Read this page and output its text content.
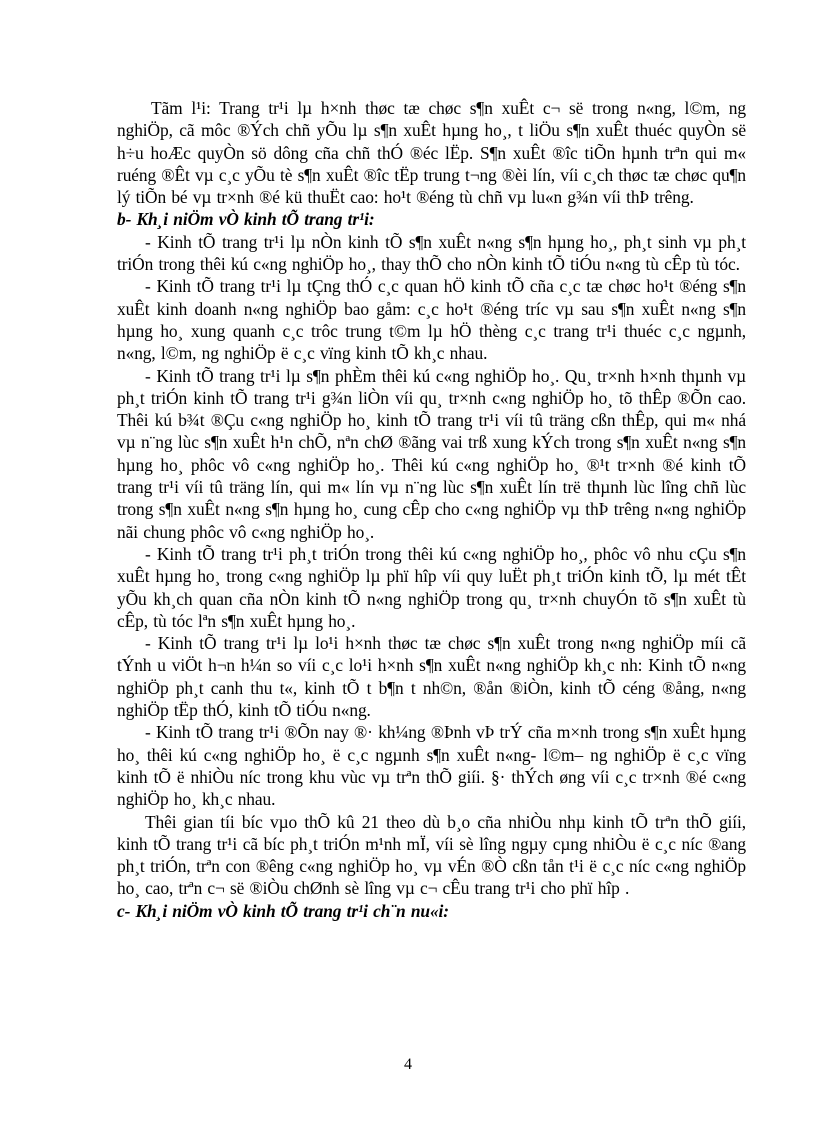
Tãm l¹i: Trang tr¹i lµ h×nh thøc tæ chøc s¶n xuÊt c¬ së trong n«ng, l©m, ng nghiÖp, cã môc ®Ých chñ yÕu lµ s¶n xuÊt hµng ho¸, t liÖu s¶n xuÊt thuéc quyÒn së h÷u hoÆc quyÒn sö dông cña chñ thÓ ®éc lËp. S¶n xuÊt ®îc tiÕn hµnh trªn qui m« ruéng ®Êt vµ c¸c yÕu tè s¶n xuÊt ®îc tËp trung t¬ng ®èi lín, víi c¸ch thøc tæ chøc qu¶n lý tiÕn bé vµ tr×nh ®é kü thuËt cao: ho¹t ®éng tù chñ vµ lu«n g¾n víi thÞ trêng.

b- Kh¸i niÖm vÒ kinh tÕ trang tr¹i:

- Kinh tÕ trang tr¹i lµ nÒn kinh tÕ s¶n xuÊt n«ng s¶n hµng ho¸, ph¸t sinh vµ ph¸t triÓn trong thêi kú c«ng nghiÖp ho¸, thay thÕ cho nÒn kinh tÕ tiÓu n«ng tù cÊp tù tóc.

- Kinh tÕ trang tr¹i lµ tÇng thÓ c¸c quan hÖ kinh tÕ cña c¸c tæ chøc ho¹t ®éng s¶n xuÊt kinh doanh n«ng nghiÖp bao gåm: c¸c ho¹t ®éng tríc vµ sau s¶n xuÊt n«ng s¶n hµng ho¸ xung quanh c¸c trôc trung t©m lµ hÖ thèng c¸c trang tr¹i thuéc c¸c ngµnh, n«ng, l©m, ng nghiÖp ë c¸c vïng kinh tÕ kh¸c nhau.

- Kinh tÕ trang tr¹i lµ s¶n phÈm thêi kú c«ng nghiÖp ho¸. Qu¸ tr×nh h×nh thµnh vµ ph¸t triÓn kinh tÕ trang tr¹i g¾n liÒn víi qu¸ tr×nh c«ng nghiÖp ho¸ tõ thÊp ®Õn cao. Thêi kú b¾t ®Çu c«ng nghiÖp ho¸ kinh tÕ trang tr¹i víi tû träng cßn thÊp, qui m« nhá vµ n¨ng lùc s¶n xuÊt h¹n chÕ, nªn chØ ®ãng vai trß xung kÝch trong s¶n xuÊt n«ng s¶n hµng ho¸ phôc vô c«ng nghiÖp ho¸. Thêi kú c«ng nghiÖp ho¸ ®¹t tr×nh ®é kinh tÕ trang tr¹i víi tû träng lín, qui m« lín vµ n¨ng lùc s¶n xuÊt lín trë thµnh lùc lîng chñ lùc trong s¶n xuÊt n«ng s¶n hµng ho¸ cung cÊp cho c«ng nghiÖp vµ thÞ trêng n«ng nghiÖp nãi chung phôc vô c«ng nghiÖp ho¸.

- Kinh tÕ trang tr¹i ph¸t triÓn trong thêi kú c«ng nghiÖp ho¸, phôc vô nhu cÇu s¶n xuÊt hµng ho¸ trong c«ng nghiÖp lµ phï hîp víi quy luËt ph¸t triÓn kinh tÕ, lµ mét tÊt yÕu kh¸ch quan cña nÒn kinh tÕ n«ng nghiÖp trong qu¸ tr×nh chuyÓn tõ s¶n xuÊt tù cÊp, tù tóc lªn s¶n xuÊt hµng ho¸.

- Kinh tÕ trang tr¹i lµ lo¹i h×nh thøc tæ chøc s¶n xuÊt trong n«ng nghiÖp míi cã tÝnh u viÖt h¬n h¼n so víi c¸c lo¹i h×nh s¶n xuÊt n«ng nghiÖp kh¸c nh: Kinh tÕ n«ng nghiÖp ph¸t canh thu t«, kinh tÕ t b¶n t nh©n, ®ån ®iÒn, kinh tÕ céng ®ång, n«ng nghiÖp tËp thÓ, kinh tÕ tiÓu n«ng.

- Kinh tÕ trang tr¹i ®Õn nay ®· kh¼ng ®Þnh vÞ trÝ cña m×nh trong s¶n xuÊt hµng ho¸ thêi kú c«ng nghiÖp ho¸ ë c¸c ngµnh s¶n xuÊt n«ng- l©m– ng nghiÖp ë c¸c vïng kinh tÕ ë nhiÒu níc trong khu vùc vµ trªn thÕ giíi. §· thÝch øng víi c¸c tr×nh ®é c«ng nghiÖp ho¸ kh¸c nhau.

Thêi gian tíi bíc vµo thÕ kû 21 theo dù b¸o cña nhiÒu nhµ kinh tÕ trªn thÕ giíi, kinh tÕ trang tr¹i cã bíc ph¸t triÓn m¹nh mÏ, víi sè lîng ngµy cµng nhiÒu ë c¸c níc ®ang ph¸t triÓn, trªn con ®êng c«ng nghiÖp ho¸ vµ vÉn ®Ò cßn tån t¹i ë c¸c níc c«ng nghiÖp ho¸ cao, trªn c¬ së ®iÒu chØnh sè lîng vµ c¬ cÊu trang tr¹i cho phï hîp .

c- Kh¸i niÖm vÒ kinh tÕ trang tr¹i ch¨n nu«i:

4
